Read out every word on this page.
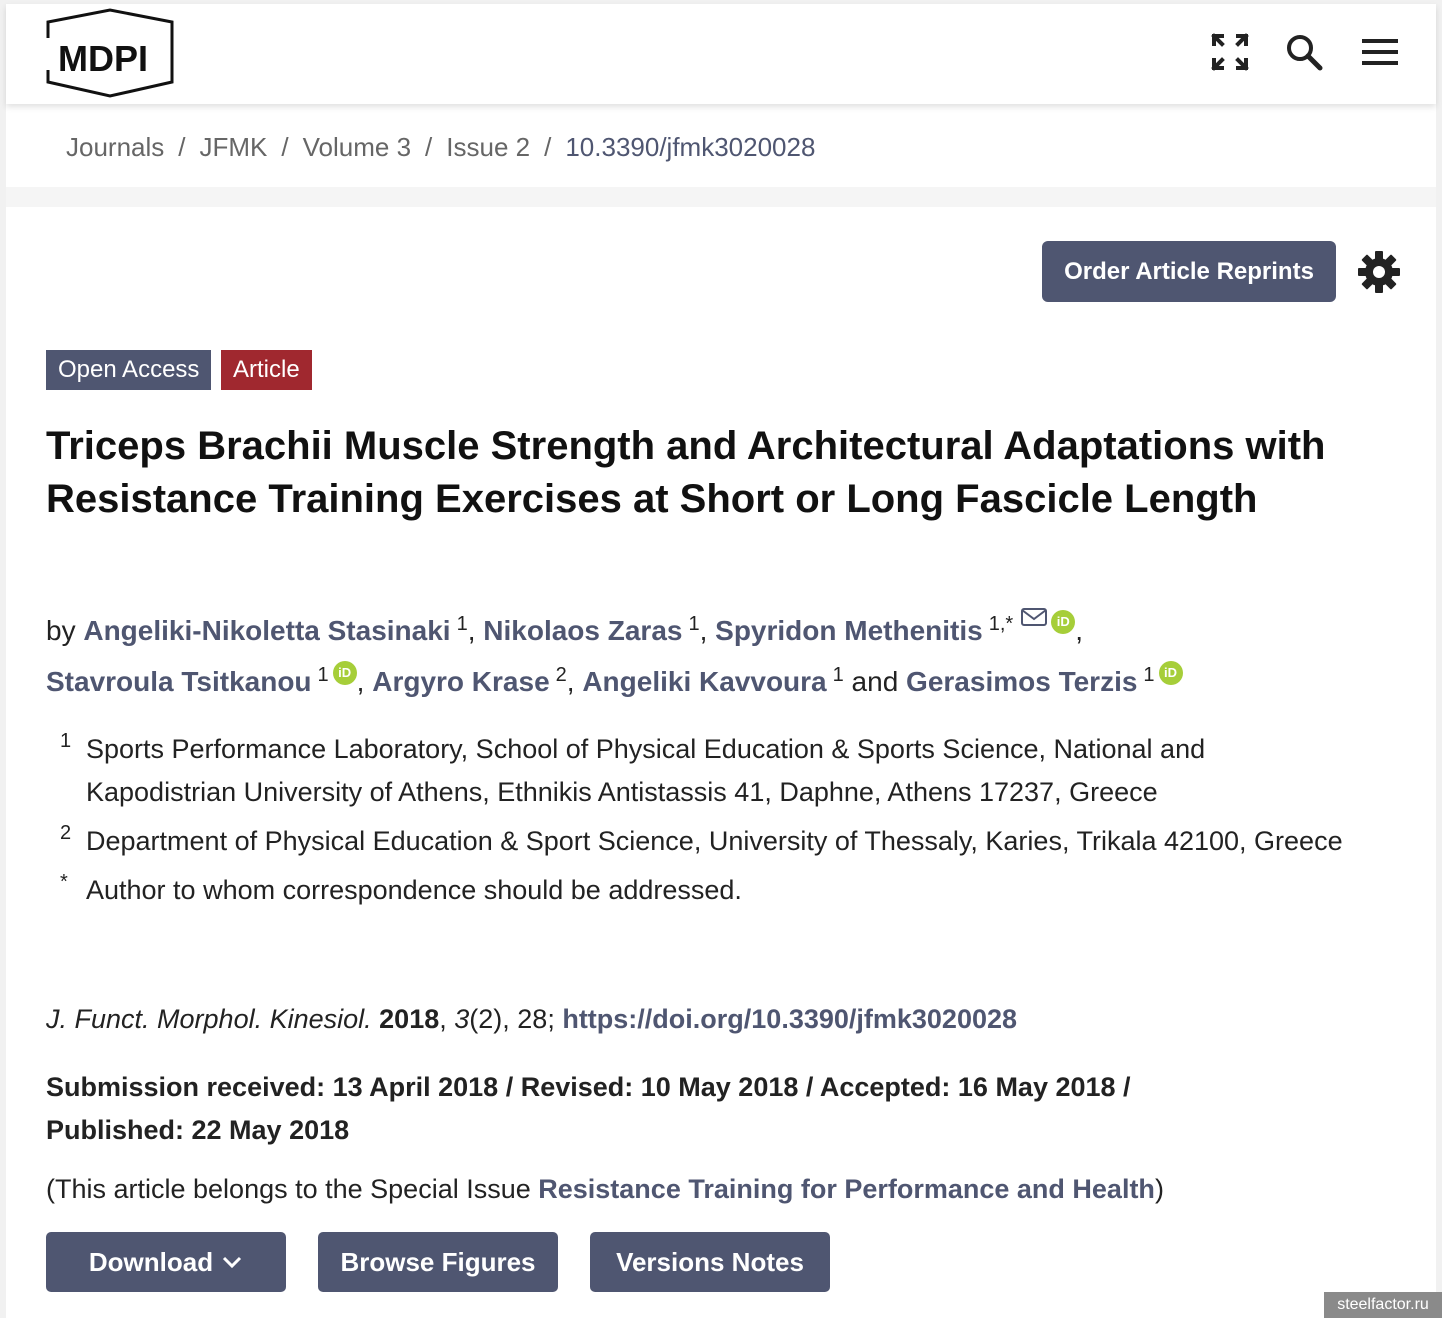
MDPI
Journals / JFMK / Volume 3 / Issue 2 / 10.3390/jfmk3020028
Order Article Reprints
Open Access	Article
Triceps Brachii Muscle Strength and Architectural Adaptations with Resistance Training Exercises at Short or Long Fascicle Length
by Angeliki-Nikoletta Stasinaki $^1$, Nikolaos Zaras $^1$, Spyridon Methenitis $^{1,*}$	iD ,
Stavroula Tsitkanou $^1$ iD , Argyro Krase $^2$, Angeliki Kavvoura $^1$ and Gerasimos Terzis $^1$ iD
1 Sports Performance Laboratory, School of Physical Education & Sports Science, National and Kapodistrian University of Athens, Ethnikis Antistassis 41, Daphne, Athens 17237, Greece
2 Department of Physical Education & Sport Science, University of Thessaly, Karies, Trikala 42100, Greece
* Author to whom correspondence should be addressed.
J. Funct. Morphol. Kinesiol. 2018, 3(2), 28; https://doi.org/10.3390/jfmk3020028
Submission received: 13 April 2018 / Revised: 10 May 2018 / Accepted: 16 May 2018 / Published: 22 May 2018
(This article belongs to the Special Issue Resistance Training for Performance and Health)
Download	Browse Figures	Versions Notes
steelfactor.ru
